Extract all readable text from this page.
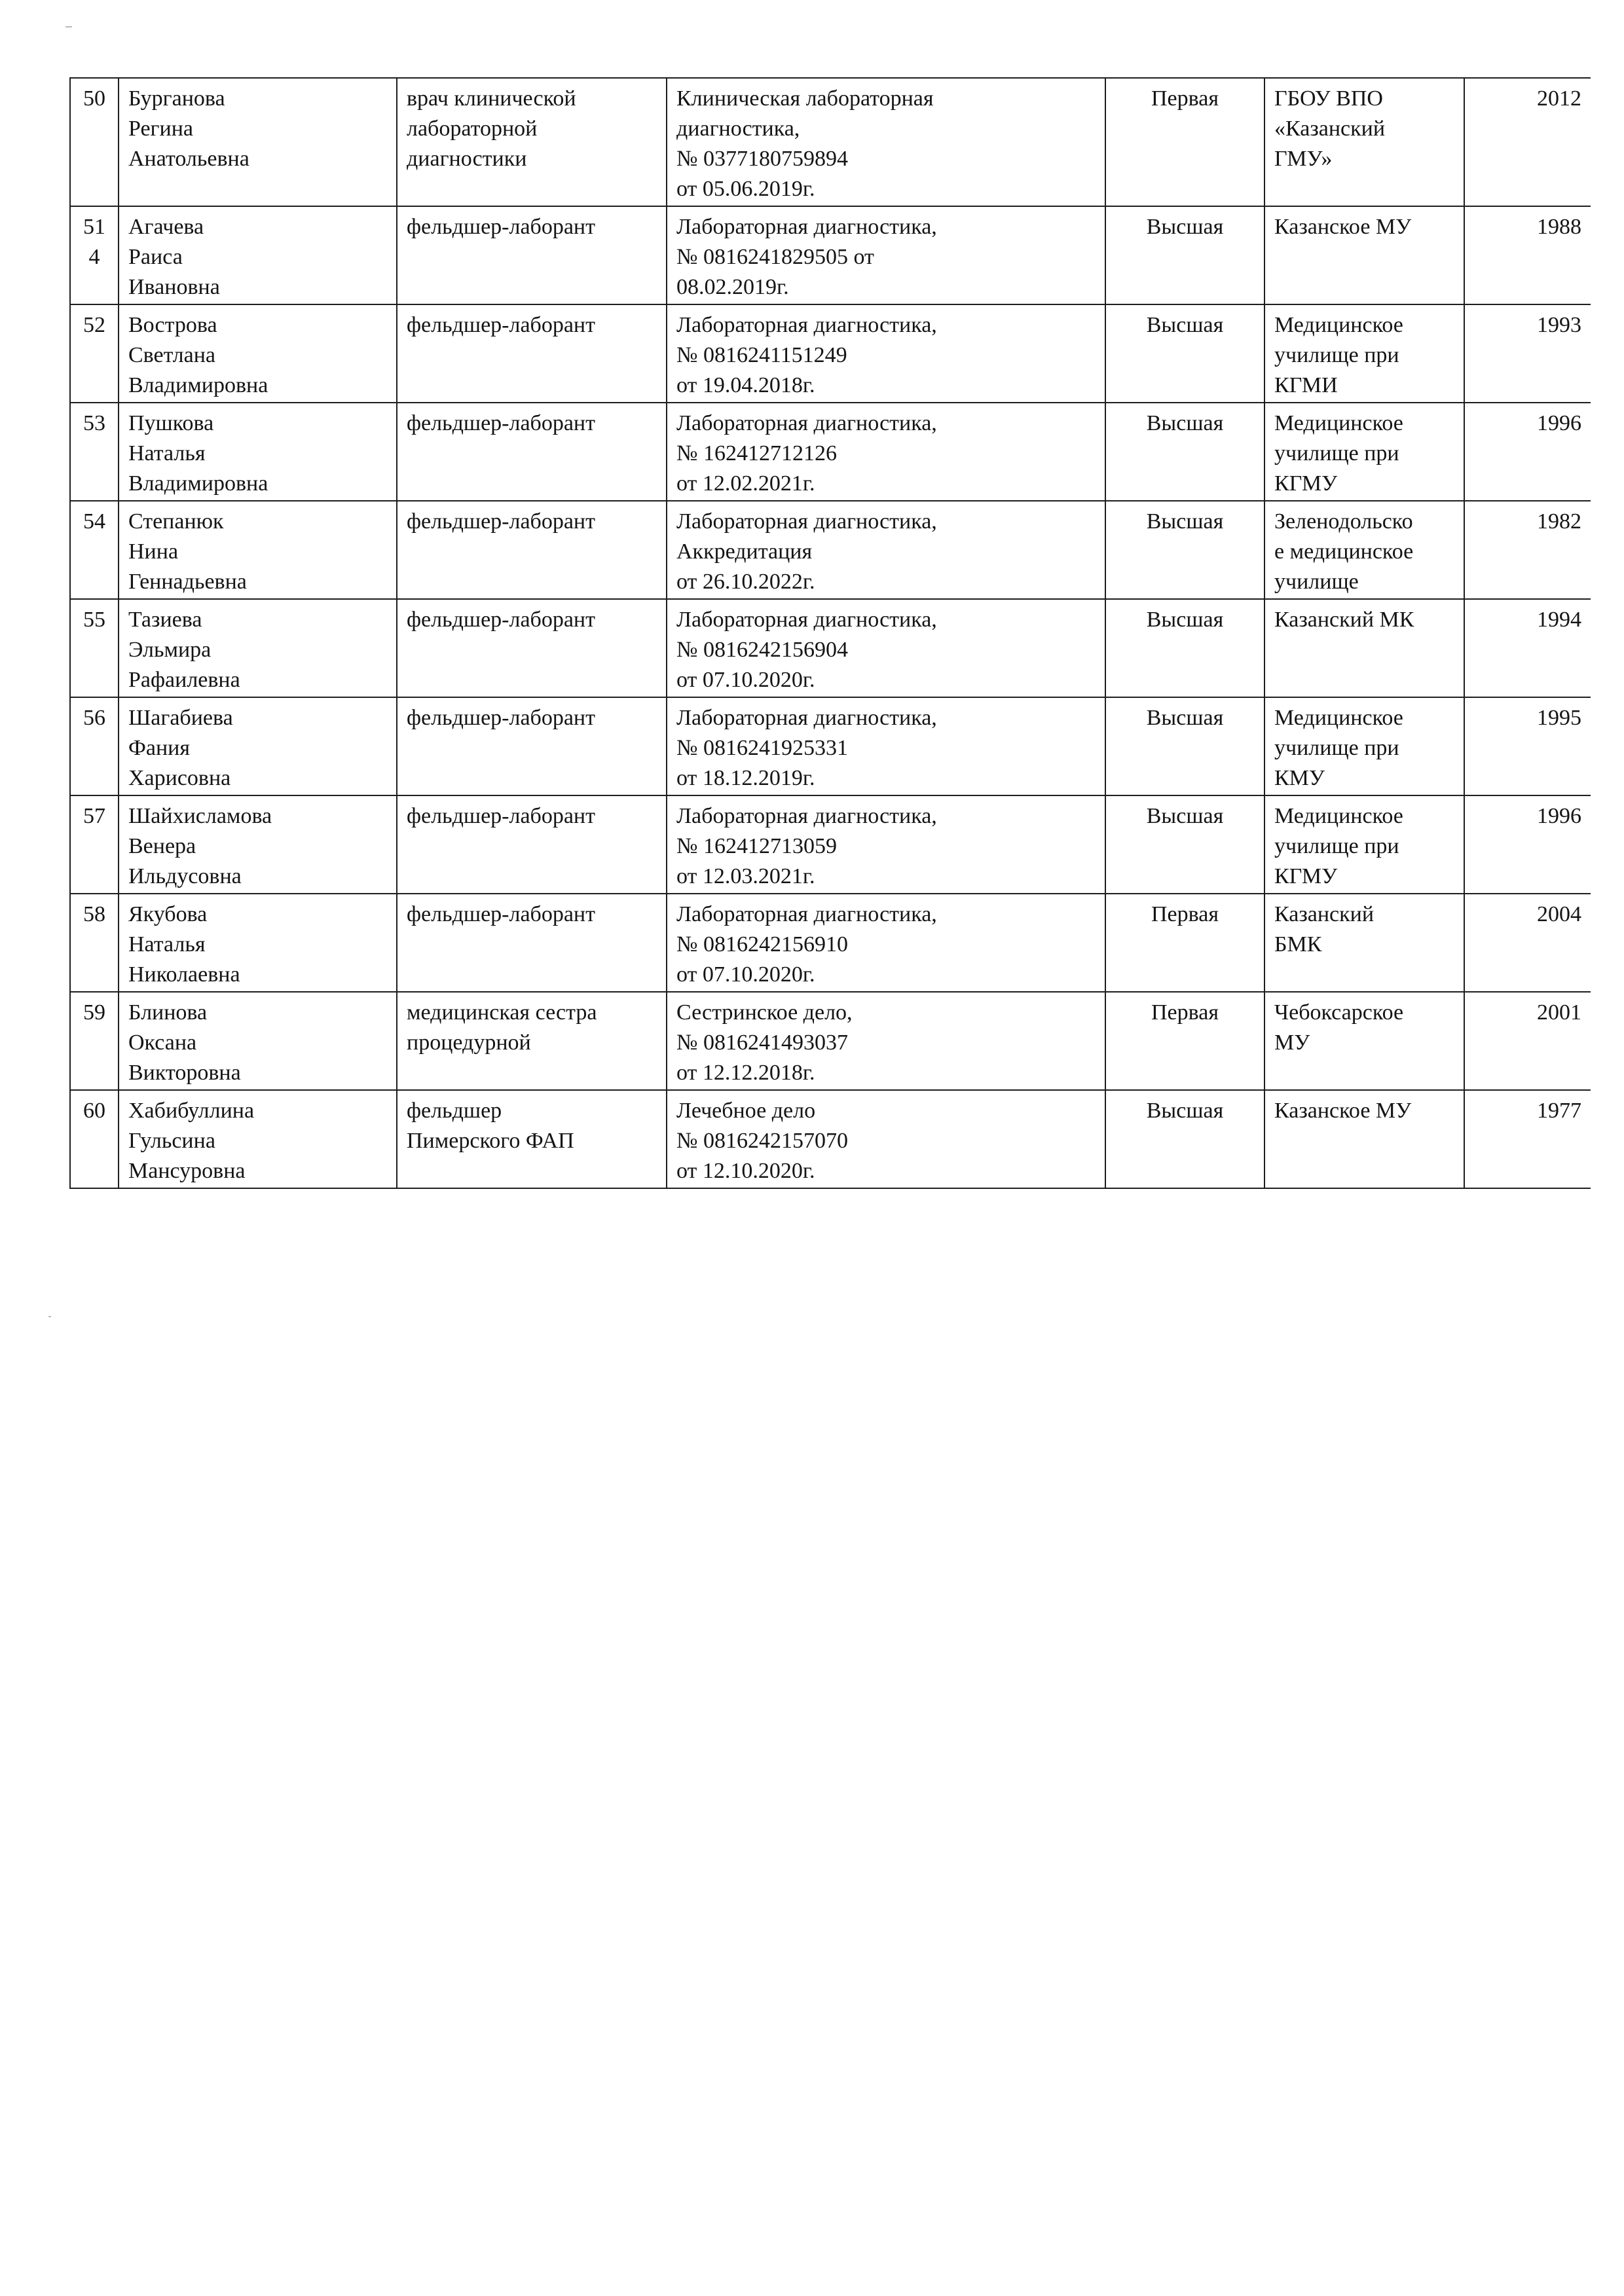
50	Бурганова
Регина
Анатольевна	врач клинической
лабораторной
диагностики	Клиническая лабораторная
диагностика,
№ 0377180759894
от 05.06.2019г.	Первая	ГБОУ ВПО
«Казанский
ГМУ»	2012

51
4	Агачева
Раиса
Ивановна	фельдшер-лаборант	Лабораторная диагностика,
№ 0816241829505 от
08.02.2019г.	Высшая	Казанское МУ	1988
52	Вострова
Светлана
Владимировна	фельдшер-лаборант	Лабораторная диагностика,
№ 0816241151249
от 19.04.2018г.	Высшая	Медицинское
училище при
КГМИ	1993
53	Пушкова
Наталья
Владимировна	фельдшер-лаборант	Лабораторная диагностика,
№ 162412712126
от 12.02.2021г.	Высшая	Медицинское
училище при
КГМУ	1996
54	Степанюк
Нина
Геннадьевна	фельдшер-лаборант	Лабораторная диагностика,
Аккредитация
от 26.10.2022г.	Высшая	Зеленодольско
е медицинское
училище	1982
55	Тазиева
Эльмира
Рафаилевна	фельдшер-лаборант	Лабораторная диагностика,
№ 0816242156904
от 07.10.2020г.	Высшая	Казанский МК	1994
56	Шагабиева
Фания
Харисовна	фельдшер-лаборант	Лабораторная диагностика,
№ 0816241925331
от 18.12.2019г.	Высшая	Медицинское
училище при
КМУ	1995
57	Шайхисламова
Венера
Ильдусовна	фельдшер-лаборант	Лабораторная диагностика,
№ 162412713059
от 12.03.2021г.	Высшая	Медицинское
училище при
КГМУ	1996
58	Якубова
Наталья
Николаевна	фельдшер-лаборант	Лабораторная диагностика,
№ 0816242156910
от 07.10.2020г.	Первая	Казанский
БМК	2004
59	Блинова
Оксана
Викторовна	медицинская сестра
процедурной	Сестринское дело,
№ 0816241493037
от 12.12.2018г.	Первая	Чебоксарское
МУ	2001
60	Хабибуллина
Гульсина
Мансуровна	фельдшер
Пимерского ФАП	Лечебное дело
№ 0816242157070
от 12.10.2020г.	Высшая	Казанское МУ	1977
